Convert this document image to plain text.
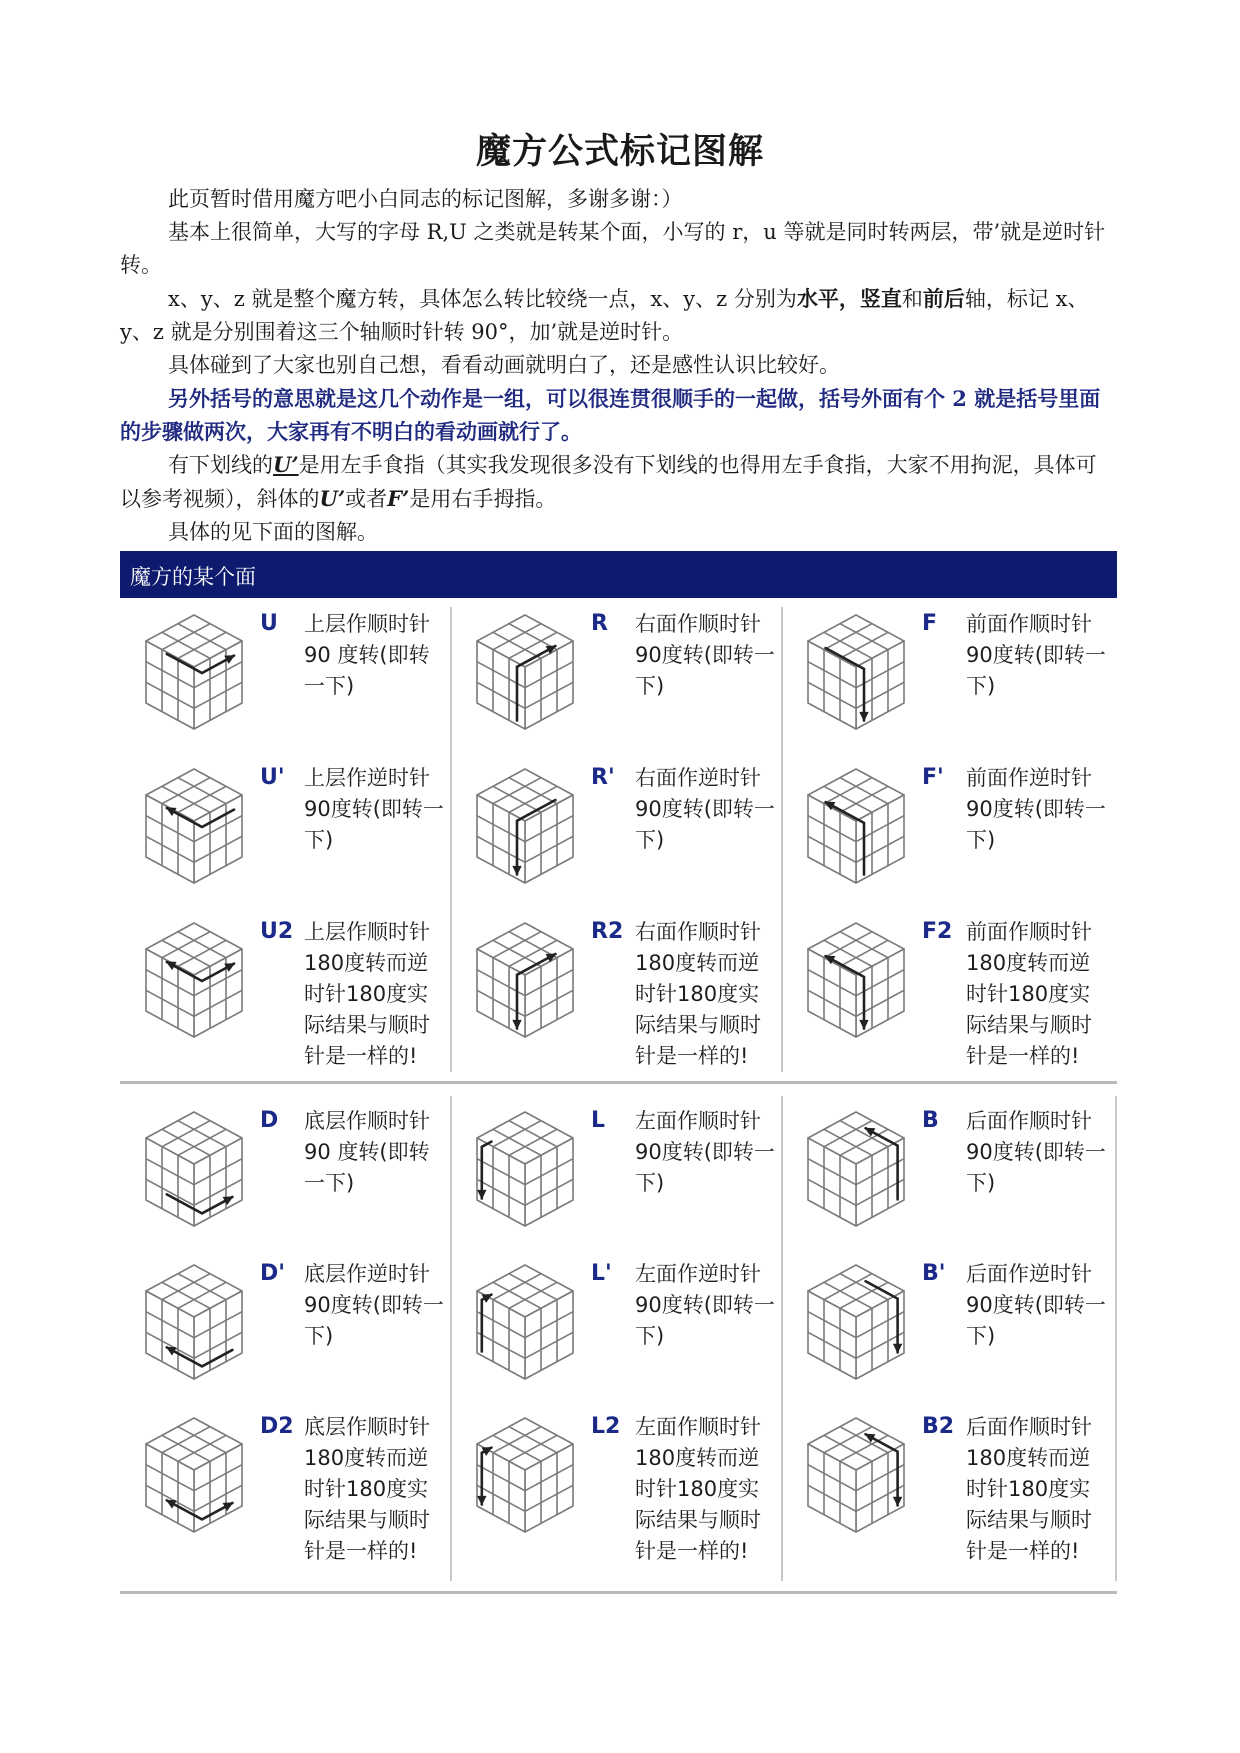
魔方公式标记图解

此页暂时借用魔方吧小白同志的标记图解，多谢多谢：）

基本上很简单，大写的字母 R,U 之类就是转某个面，小写的 r，u 等就是同时转两层，带’就是逆时针转。

x、y、z 就是整个魔方转，具体怎么转比较绕一点，x、y、z 分别为水平，竖直和前后轴，标记 x、y、z 就是分别围着这三个轴顺时针转 90°，加’就是逆时针。

具体碰到了大家也别自己想，看看动画就明白了，还是感性认识比较好。

另外括号的意思就是这几个动作是一组，可以很连贯很顺手的一起做，括号外面有个 2 就是括号里面的步骤做两次，大家再有不明白的看动画就行了。

有下划线的U’是用左手食指（其实我发现很多没有下划线的也得用左手食指，大家不用拘泥，具体可以参考视频），斜体的U’或者F’是用右手拇指。

具体的见下面的图解。

魔方的某个面
U 上层作顺时针 90 度转(即转一下)
R 右面作顺时针 90度转(即转一下)
F 前面作顺时针 90度转(即转一下)
U' 上层作逆时针 90度转(即转一下)
R' 右面作逆时针 90度转(即转一下)
F' 前面作逆时针 90度转(即转一下)
U2 上层作顺时针 180度转而逆时针180度实际结果与顺时针是一样的!
R2 右面作顺时针 180度转而逆时针180度实际结果与顺时针是一样的!
F2 前面作顺时针 180度转而逆时针180度实际结果与顺时针是一样的!
D 底层作顺时针 90 度转(即转一下)
L 左面作顺时针 90度转(即转一下)
B 后面作顺时针 90度转(即转一下)
D' 底层作逆时针 90度转(即转一下)
L' 左面作逆时针 90度转(即转一下)
B' 后面作逆时针 90度转(即转一下)
D2 底层作顺时针 180度转而逆时针180度实际结果与顺时针是一样的!
L2 左面作顺时针 180度转而逆时针180度实际结果与顺时针是一样的!
B2 后面作顺时针 180度转而逆时针180度实际结果与顺时针是一样的!
